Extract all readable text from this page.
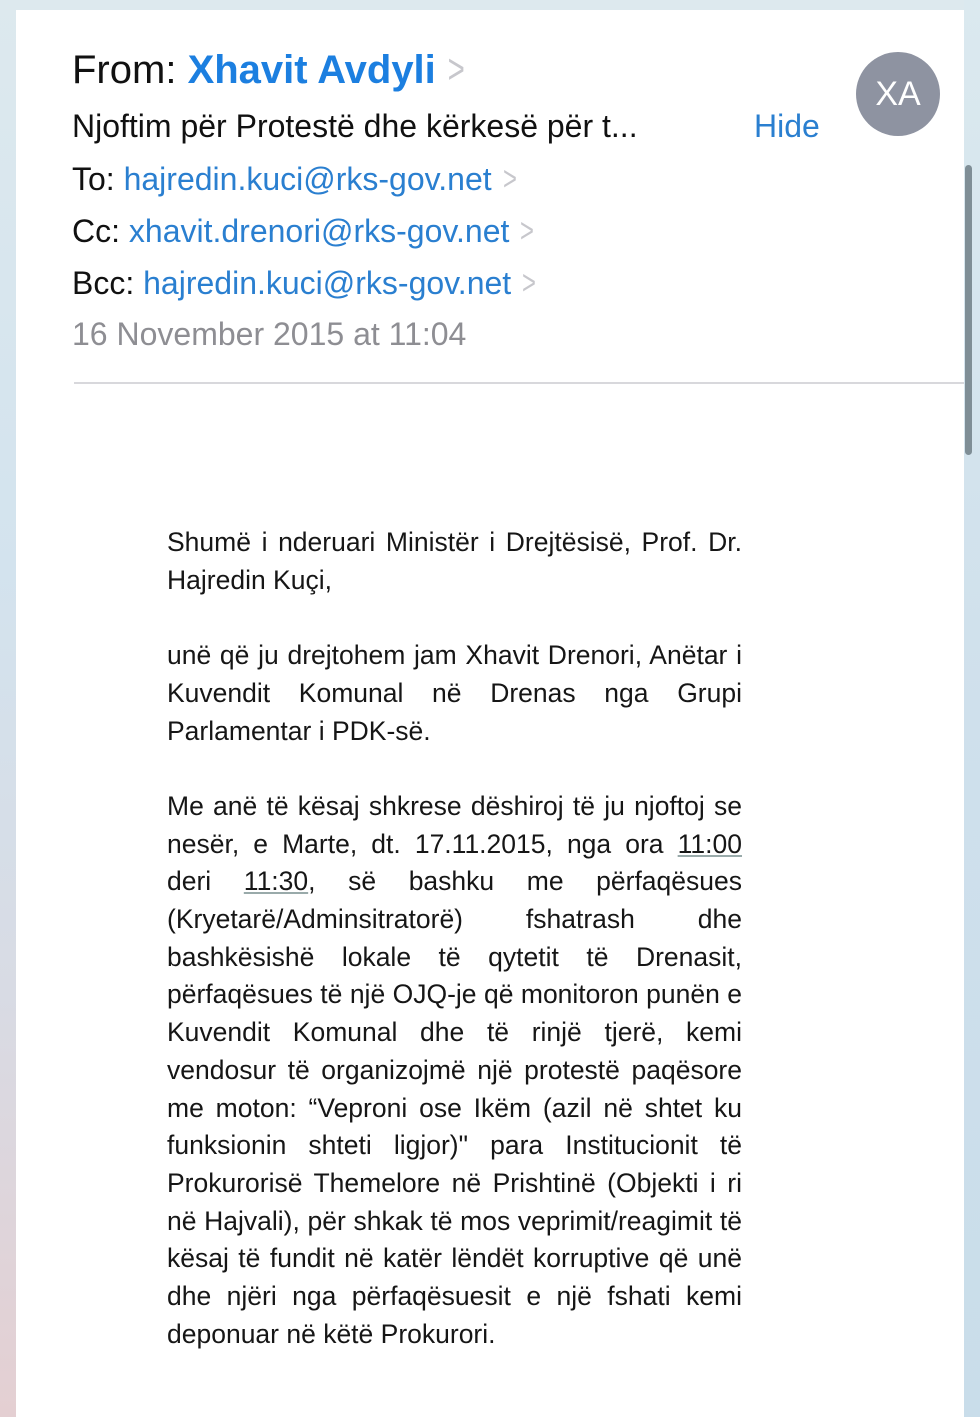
From: Xhavit Avdyli >
Njoftim për Protestë dhe kërkesë për t...	Hide
To: hajredin.kuci@rks-gov.net >
Cc: xhavit.drenori@rks-gov.net >
Bcc: hajredin.kuci@rks-gov.net >
16 November 2015 at 11:04
XA

Shumë i nderuari Ministër i Drejtësisë, Prof. Dr. Hajredin Kuçi,

unë që ju drejtohem jam Xhavit Drenori, Anëtar i Kuvendit Komunal në Drenas nga Grupi Parlamentar i PDK-së.

Me anë të kësaj shkrese dëshiroj të ju njoftoj se nesër, e Marte, dt. 17.11.2015, nga ora 11:00 deri 11:30, së bashku me përfaqësues (Kryetarë/Adminsitratorë) fshatrash dhe bashkësishë lokale të qytetit të Drenasit, përfaqësues të një OJQ-je që monitoron punën e Kuvendit Komunal dhe të rinjë tjerë, kemi vendosur të organizojmë një protestë paqësore me moton: “Veproni ose Ikëm (azil në shtet ku funksionin shteti ligjor)" para Institucionit të Prokurorisë Themelore në Prishtinë (Objekti i ri në Hajvali), për shkak të mos veprimit/reagimit të kësaj të fundit në katër lëndët korruptive që unë dhe njëri nga përfaqësuesit e një fshati kemi deponuar në këtë Prokurori.
